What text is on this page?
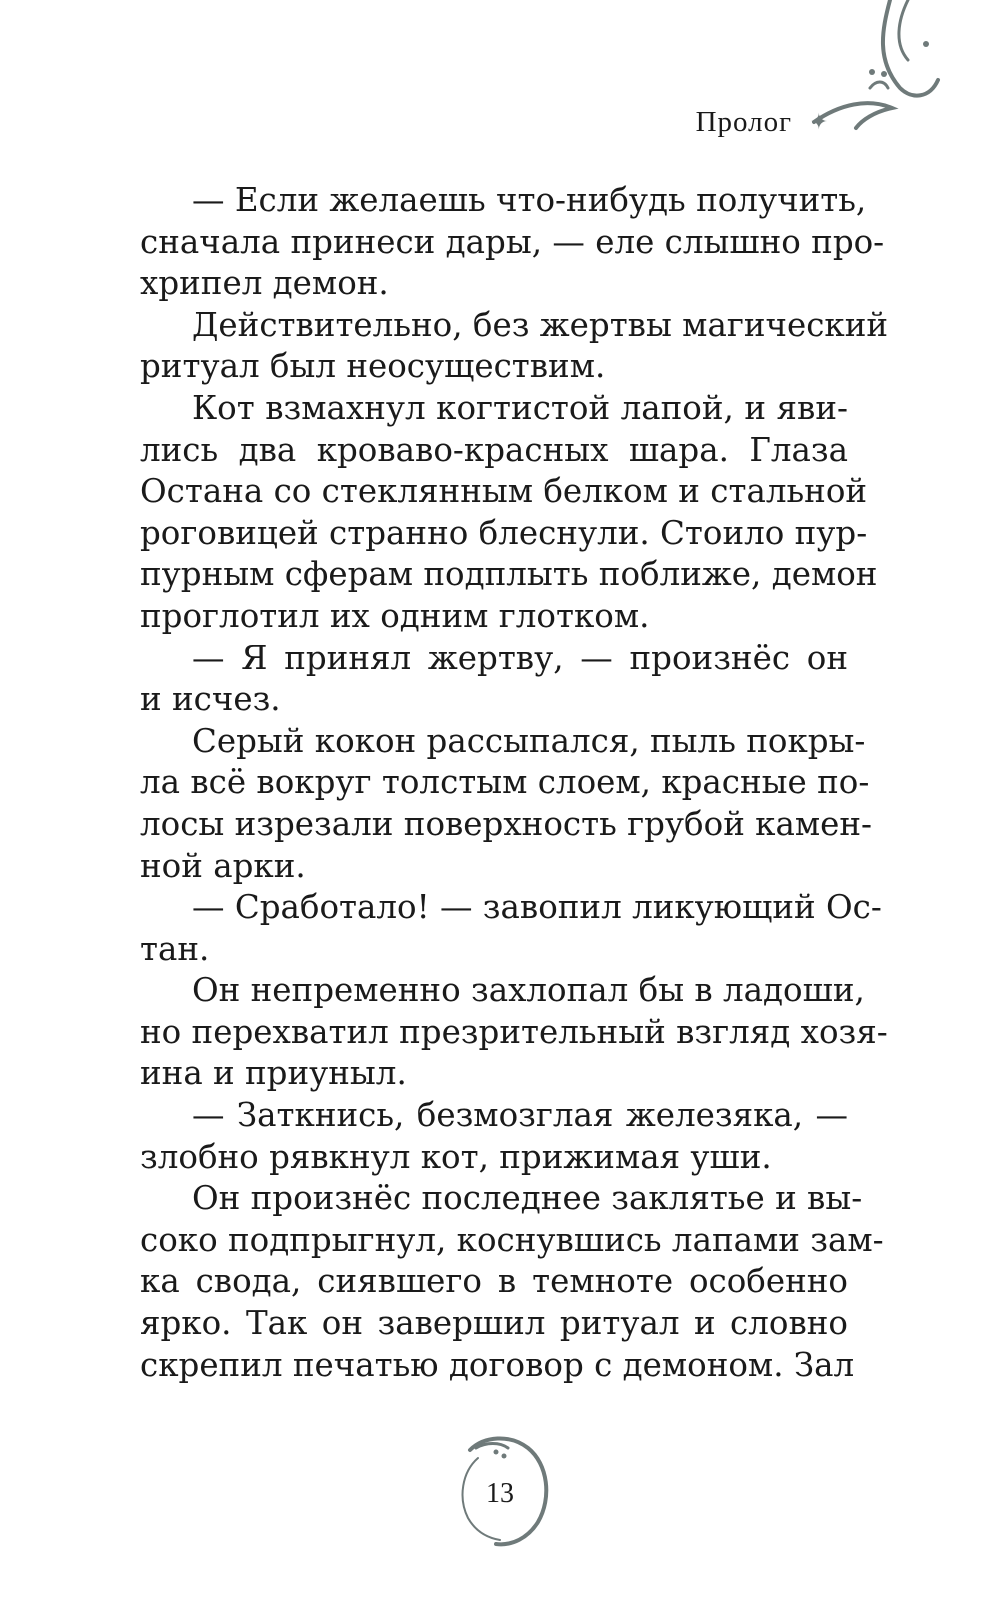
Пролог ✦
— Если желаешь что-нибудь получить,
сначала принеси дары, — еле слышно про-
хрипел демон.
Действительно, без жертвы магический
ритуал был неосуществим.
Кот взмахнул когтистой лапой, и яви-
лись два кроваво-красных шара. Глаза
Остана со стеклянным белком и стальной
роговицей странно блеснули. Стоило пур-
пурным сферам подплыть поближе, демон
проглотил их одним глотком.
— Я принял жертву, — произнёс он
и исчез.
Серый кокон рассыпался, пыль покры-
ла всё вокруг толстым слоем, красные по-
лосы изрезали поверхность грубой камен-
ной арки.
— Сработало! — завопил ликующий Ос-
тан.
Он непременно захлопал бы в ладоши,
но перехватил презрительный взгляд хозя-
ина и приуныл.
— Заткнись, безмозглая железяка, —
злобно рявкнул кот, прижимая уши.
Он произнёс последнее заклятье и вы-
соко подпрыгнул, коснувшись лапами зам-
ка свода, сиявшего в темноте особенно
ярко. Так он завершил ритуал и словно
скрепил печатью договор с демоном. Зал
13
